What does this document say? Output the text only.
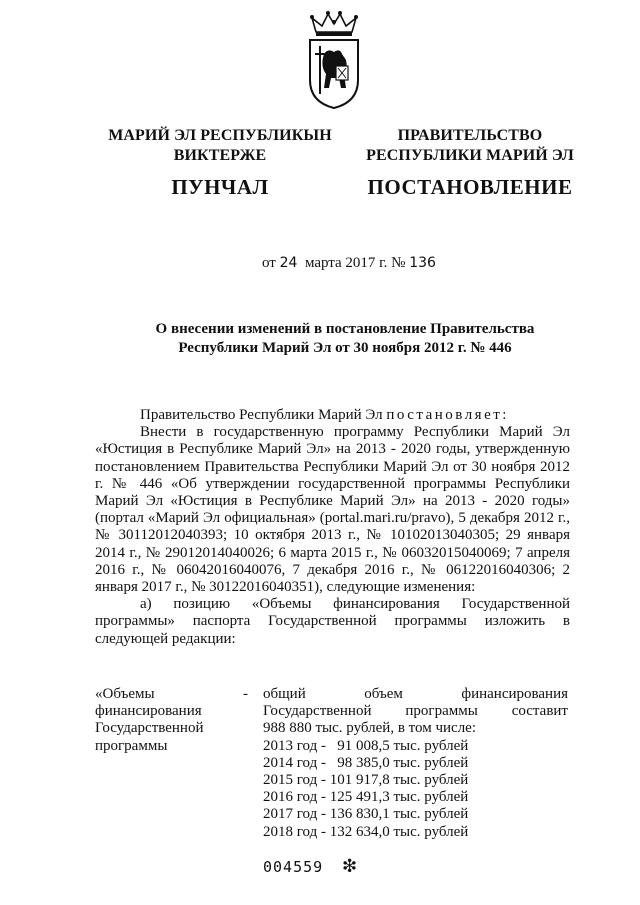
МАРИЙ ЭЛ РЕСПУБЛИКЫН
ВИКТЕРЖЕ
ПУНЧАЛ
ПРАВИТЕЛЬСТВО
РЕСПУБЛИКИ МАРИЙ ЭЛ
ПОСТАНОВЛЕНИЕ
от 24 марта 2017 г. № 136
О внесении изменений в постановление Правительства
Республики Марий Эл от 30 ноября 2012 г. № 446

Правительство Республики Марий Эл постановляет:

Внести в государственную программу Республики Марий Эл «Юстиция в Республике Марий Эл» на 2013 - 2020 годы, утвержденную постановлением Правительства Республики Марий Эл от 30 ноября 2012 г. № 446 «Об утверждении государственной программы Республики Марий Эл «Юстиция в Республике Марий Эл» на 2013 - 2020 годы» (портал «Марий Эл официальная» (portal.mari.ru/pravo), 5 декабря 2012 г., № 30112012040393; 10 октября 2013 г., № 10102013040305; 29 января 2014 г., № 29012014040026; 6 марта 2015 г., № 06032015040069; 7 апреля 2016 г., № 06042016040076, 7 декабря 2016 г., № 06122016040306; 2 января 2017 г., № 30122016040351), следующие изменения:

а) позицию «Объемы финансирования Государственной программы» паспорта Государственной программы изложить в следующей редакции:

«Объемы
финансирования
Государственной
программы
- общий объем финансирования Государственной программы составит

988 880 тыс. рублей, в том числе:

2013 год -   91 008,5 тыс. рублей

2014 год -   98 385,0 тыс. рублей

2015 год - 101 917,8 тыс. рублей

2016 год - 125 491,3 тыс. рублей

2017 год - 136 830,1 тыс. рублей

2018 год - 132 634,0 тыс. рублей

004559 ❇
